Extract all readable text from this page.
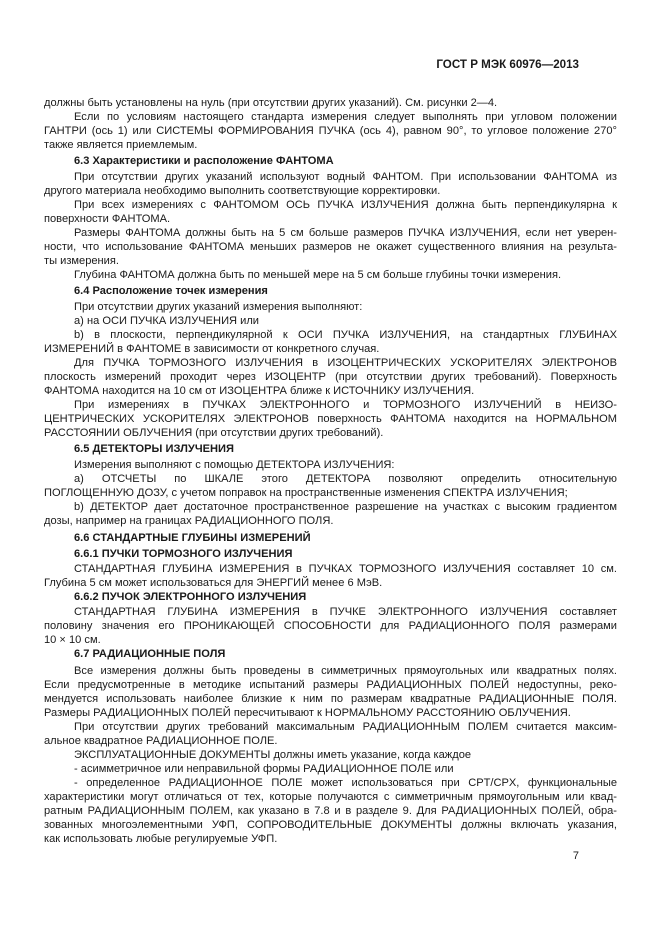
ГОСТ Р МЭК 60976—2013
должны быть установлены на нуль (при отсутствии других указаний). См. рисунки 2—4.
Если по условиям настоящего стандарта измерения следует выполнять при угловом положении
ГАНТРИ (ось 1) или СИСТЕМЫ ФОРМИРОВАНИЯ ПУЧКА (ось 4), равном 90°, то угловое положение 270°
также является приемлемым.
6.3 Характеристики и расположение ФАНТОМА
При отсутствии других указаний используют водный ФАНТОМ. При использовании ФАНТОМА из
другого материала необходимо выполнить соответствующие корректировки.
При всех измерениях с ФАНТОМОМ ОСЬ ПУЧКА ИЗЛУЧЕНИЯ должна быть перпендикулярна к
поверхности ФАНТОМА.
Размеры ФАНТОМА должны быть на 5 см больше размеров ПУЧКА ИЗЛУЧЕНИЯ, если нет уверен-
ности, что использование ФАНТОМА меньших размеров не окажет существенного влияния на результа-
ты измерения.
Глубина ФАНТОМА должна быть по меньшей мере на 5 см больше глубины точки измерения.
6.4 Расположение точек измерения
При отсутствии других указаний измерения выполняют:
a) на ОСИ ПУЧКА ИЗЛУЧЕНИЯ или
b) в плоскости, перпендикулярной к ОСИ ПУЧКА ИЗЛУЧЕНИЯ, на стандартных ГЛУБИНАХ
ИЗМЕРЕНИЙ в ФАНТОМЕ в зависимости от конкретного случая.
Для ПУЧКА ТОРМОЗНОГО ИЗЛУЧЕНИЯ в ИЗОЦЕНТРИЧЕСКИХ УСКОРИТЕЛЯХ ЭЛЕКТРОНОВ
плоскость измерений проходит через ИЗОЦЕНТР (при отсутствии других требований). Поверхность
ФАНТОМА находится на 10 см от ИЗОЦЕНТРА ближе к ИСТОЧНИКУ ИЗЛУЧЕНИЯ.
При измерениях в ПУЧКАХ ЭЛЕКТРОННОГО и ТОРМОЗНОГО ИЗЛУЧЕНИЙ в НЕИЗО-
ЦЕНТРИЧЕСКИХ УСКОРИТЕЛЯХ ЭЛЕКТРОНОВ поверхность ФАНТОМА находится на НОРМАЛЬНОМ
РАССТОЯНИИ ОБЛУЧЕНИЯ (при отсутствии других требований).
6.5 ДЕТЕКТОРЫ ИЗЛУЧЕНИЯ
Измерения выполняют с помощью ДЕТЕКТОРА ИЗЛУЧЕНИЯ:
a) ОТСЧЕТЫ по ШКАЛЕ этого ДЕТЕКТОРА позволяют определить относительную
ПОГЛОЩЕННУЮ ДОЗУ, с учетом поправок на пространственные изменения СПЕКТРА ИЗЛУЧЕНИЯ;
b) ДЕТЕКТОР дает достаточное пространственное разрешение на участках с высоким градиентом
дозы, например на границах РАДИАЦИОННОГО ПОЛЯ.
6.6 СТАНДАРТНЫЕ ГЛУБИНЫ ИЗМЕРЕНИЙ
6.6.1 ПУЧКИ ТОРМОЗНОГО ИЗЛУЧЕНИЯ
СТАНДАРТНАЯ ГЛУБИНА ИЗМЕРЕНИЯ в ПУЧКАХ ТОРМОЗНОГО ИЗЛУЧЕНИЯ составляет 10 см.
Глубина 5 см может использоваться для ЭНЕРГИЙ менее 6 МэВ.
6.6.2 ПУЧОК ЭЛЕКТРОННОГО ИЗЛУЧЕНИЯ
СТАНДАРТНАЯ ГЛУБИНА ИЗМЕРЕНИЯ в ПУЧКЕ ЭЛЕКТРОННОГО ИЗЛУЧЕНИЯ составляет
половину значения его ПРОНИКАЮЩЕЙ СПОСОБНОСТИ для РАДИАЦИОННОГО ПОЛЯ размерами
10 × 10 см.
6.7 РАДИАЦИОННЫЕ ПОЛЯ
Все измерения должны быть проведены в симметричных прямоугольных или квадратных полях.
Если предусмотренные в методике испытаний размеры РАДИАЦИОННЫХ ПОЛЕЙ недоступны, реко-
мендуется использовать наиболее близкие к ним по размерам квадратные РАДИАЦИОННЫЕ ПОЛЯ.
Размеры РАДИАЦИОННЫХ ПОЛЕЙ пересчитывают к НОРМАЛЬНОМУ РАССТОЯНИЮ ОБЛУЧЕНИЯ.
При отсутствии других требований максимальным РАДИАЦИОННЫМ ПОЛЕМ считается максим-
альное квадратное РАДИАЦИОННОЕ ПОЛЕ.
ЭКСПЛУАТАЦИОННЫЕ ДОКУМЕНТЫ должны иметь указание, когда каждое
- асимметричное или неправильной формы РАДИАЦИОННОЕ ПОЛЕ или
- определенное РАДИАЦИОННОЕ ПОЛЕ может использоваться при CPT/CPX, функциональные
характеристики могут отличаться от тех, которые получаются с симметричным прямоугольным или квад-
ратным РАДИАЦИОННЫМ ПОЛЕМ, как указано в 7.8 и в разделе 9. Для РАДИАЦИОННЫХ ПОЛЕЙ, обра-
зованных многоэлементными УФП, СОПРОВОДИТЕЛЬНЫЕ ДОКУМЕНТЫ должны включать указания,
как использовать любые регулируемые УФП.
7
